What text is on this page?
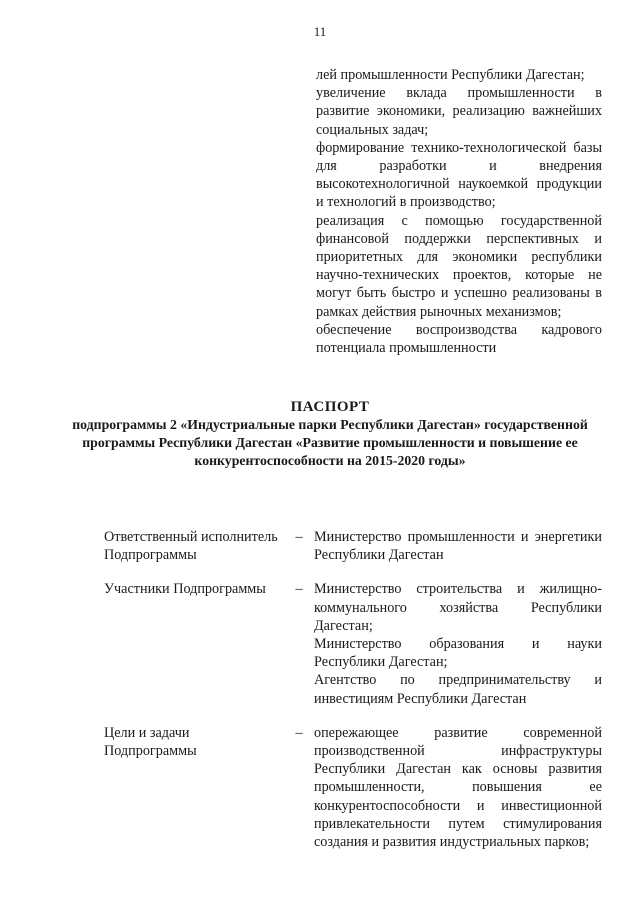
11

лей промышленности Республики Дагестан;

увеличение вклада промышленности в развитие экономики, реализацию важнейших социальных задач;

формирование технико-технологической базы для разработки и внедрения высокотехнологичной наукоемкой продукции и технологий в производство;

реализация с помощью государственной финансовой поддержки перспективных и приоритетных для экономики республики научно-технических проектов, которые не могут быть быстро и успешно реализованы в рамках действия рыночных механизмов;

обеспечение воспроизводства кадрового потенциала промышленности

ПАСПОРТ
подпрограммы 2 «Индустриальные парки Республики Дагестан» государственной программы Республики Дагестан «Развитие промышленности и повышение ее конкурентоспособности на 2015-2020 годы»
Ответственный исполнитель Подпрограммы
– Министерство промышленности и энергетики Республики Дагестан

Участники Подпрограммы	– Министерство строительства и жилищно-коммунального хозяйства Республики Дагестан;

Министерство образования и науки Республики Дагестан;

Агентство по предпринимательству и инвестициям Республики Дагестан

Цели и задачи Подпрограммы
– опережающее развитие современной производственной инфраструктуры Республики Дагестан как основы развития промышленности, повышения ее конкурентоспособности и инвестиционной привлекательности путем стимулирования создания и развития индустриальных парков;
